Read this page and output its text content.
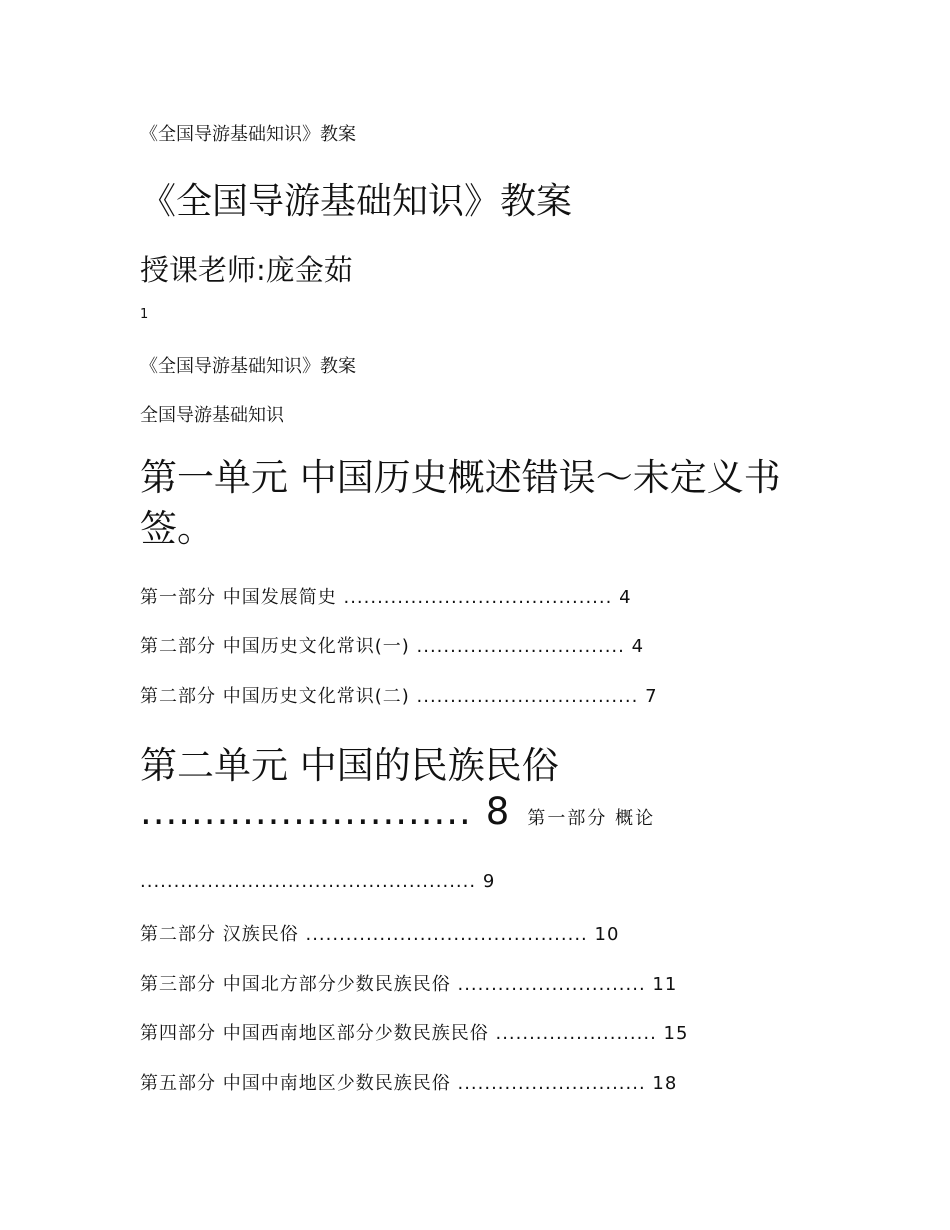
《全国导游基础知识》教案
《全国导游基础知识》教案
授课老师:庞金茹
1
《全国导游基础知识》教案
全国导游基础知识
第一单元 中国历史概述错误～未定义书签。
第一部分 中国发展简史 ........................................ 4
第二部分 中国历史文化常识(一) ............................... 4
第二部分 中国历史文化常识(二) ................................. 7
第二单元 中国的民族民俗
.......................... 8 第一部分 概论
.................................................. 9
第二部分 汉族民俗 .......................................... 10
第三部分 中国北方部分少数民族民俗 ............................ 11
第四部分 中国西南地区部分少数民族民俗 ........................ 15
第五部分 中国中南地区少数民族民俗 ............................ 18
